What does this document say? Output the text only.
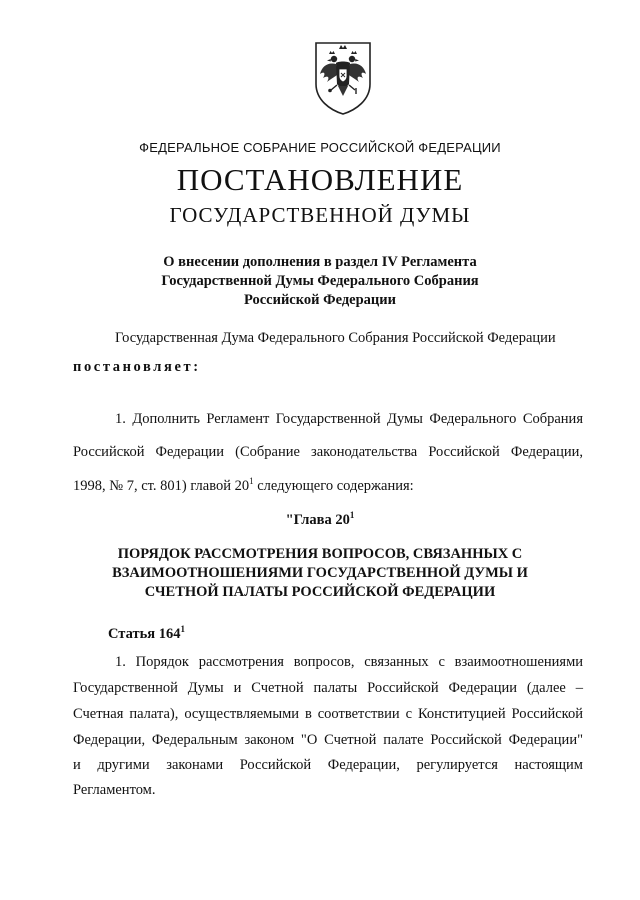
ФЕДЕРАЛЬНОЕ СОБРАНИЕ РОССИЙСКОЙ ФЕДЕРАЦИИ
ПОСТАНОВЛЕНИЕ
ГОСУДАРСТВЕННОЙ ДУМЫ
О внесении дополнения в раздел IV Регламента
Государственной Думы Федерального Собрания
Российской Федерации
Государственная Дума Федерального Собрания Российской Федерации
постановляет:
1. Дополнить Регламент Государственной Думы Федерального Собрания
Российской Федерации (Собрание законодательства Российской Федерации,
1998, № 7, ст. 801) главой $20^1$ следующего содержания:
"Глава $20^1$
ПОРЯДОК РАССМОТРЕНИЯ ВОПРОСОВ, СВЯЗАННЫХ С
ВЗАИМООТНОШЕНИЯМИ ГОСУДАРСТВЕННОЙ ДУМЫ И
СЧЕТНОЙ ПАЛАТЫ РОССИЙСКОЙ ФЕДЕРАЦИИ
Статья $164^1$
1. Порядок рассмотрения вопросов, связанных с взаимоотношениями
Государственной Думы и Счетной палаты Российской Федерации (далее –
Счетная палата), осуществляемыми в соответствии с Конституцией Российской
Федерации, Федеральным законом "О Счетной палате Российской Федерации"
и другими законами Российской Федерации, регулируется настоящим
Регламентом.
